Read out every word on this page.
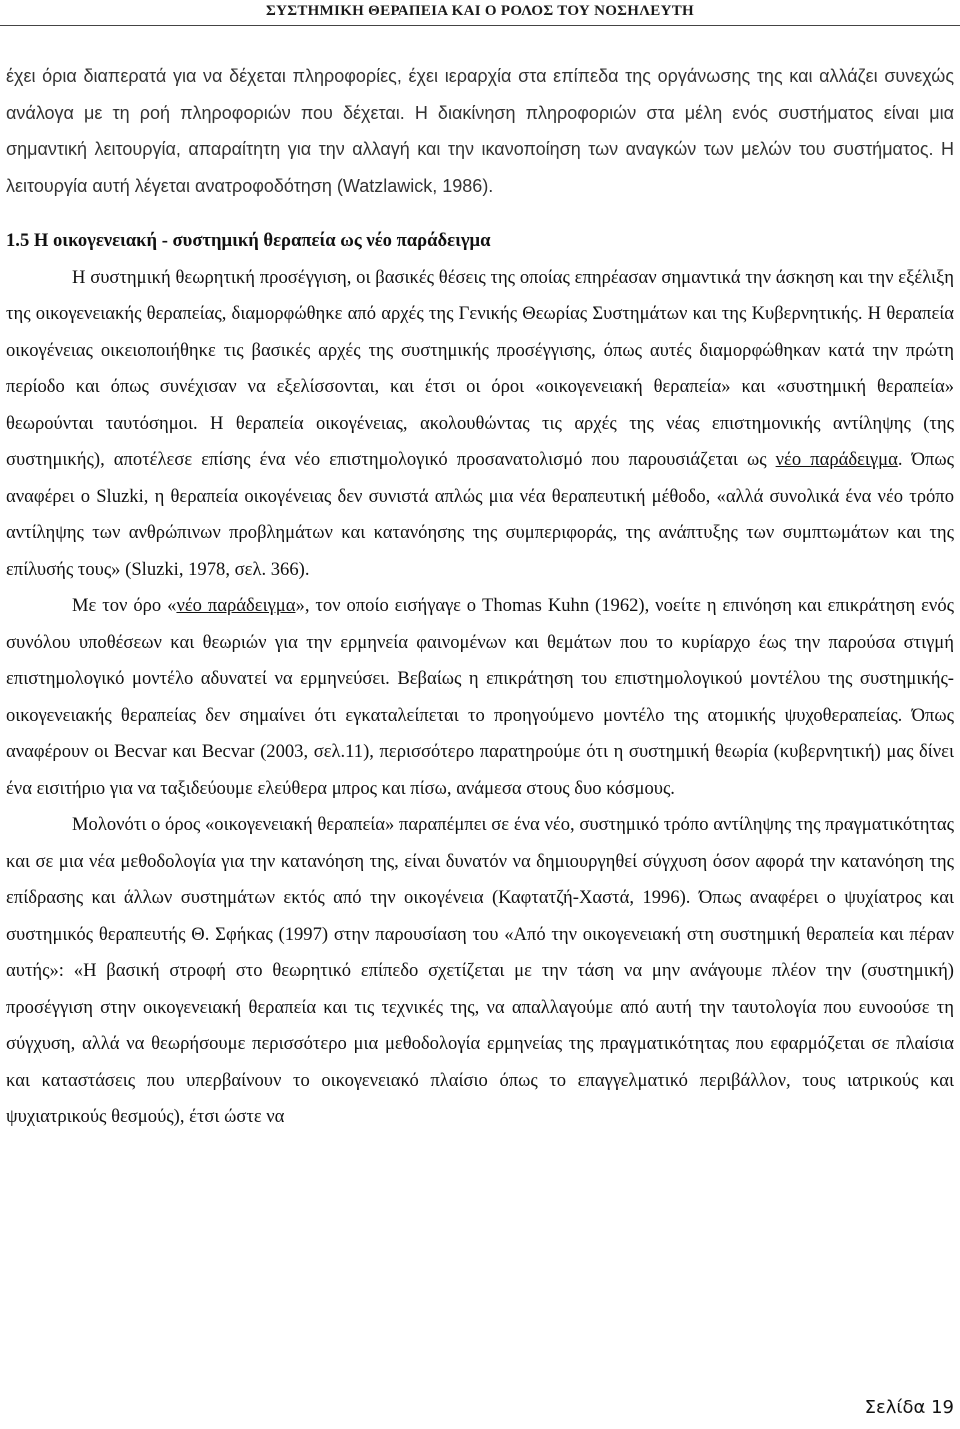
ΣΥΣΤΗΜΙΚΗ ΘΕΡΑΠΕΙΑ ΚΑΙ Ο ΡΟΛΟΣ ΤΟΥ ΝΟΣΗΛΕΥΤΗ

έχει όρια διαπερατά για να δέχεται πληροφορίες, έχει ιεραρχία στα επίπεδα της οργάνωσης της και αλλάζει συνεχώς ανάλογα με τη ροή πληροφοριών που δέχεται. Η διακίνηση πληροφοριών στα μέλη ενός συστήματος είναι μια σημαντική λειτουργία, απαραίτητη για την αλλαγή και την ικανοποίηση των αναγκών των μελών του συστήματος. Η λειτουργία αυτή λέγεται ανατροφοδότηση (Watzlawick, 1986).

1.5 Η οικογενειακή - συστημική θεραπεία ως νέο παράδειγμα

Η συστημική θεωρητική προσέγγιση, οι βασικές θέσεις της οποίας επηρέασαν σημαντικά την άσκηση και την εξέλιξη της οικογενειακής θεραπείας, διαμορφώθηκε από αρχές της Γενικής Θεωρίας Συστημάτων και της Κυβερνητικής. Η θεραπεία οικογένειας οικειοποιήθηκε τις βασικές αρχές της συστημικής προσέγγισης, όπως αυτές διαμορφώθηκαν κατά την πρώτη περίοδο και όπως συνέχισαν να εξελίσσονται, και έτσι οι όροι «οικογενειακή θεραπεία» και «συστημική θεραπεία» θεωρούνται ταυτόσημοι. Η θεραπεία οικογένειας, ακολουθώντας τις αρχές της νέας επιστημονικής αντίληψης (της συστημικής), αποτέλεσε επίσης ένα νέο επιστημολογικό προσανατολισμό που παρουσιάζεται ως νέο παράδειγμα. Όπως αναφέρει ο Sluzki, η θεραπεία οικογένειας δεν συνιστά απλώς μια νέα θεραπευτική μέθοδο, «αλλά συνολικά ένα νέο τρόπο αντίληψης των ανθρώπινων προβλημάτων και κατανόησης της συμπεριφοράς, της ανάπτυξης των συμπτωμάτων και της επίλυσής τους» (Sluzki, 1978, σελ. 366).

Με τον όρο «νέο παράδειγμα», τον οποίο εισήγαγε ο Thomas Kuhn (1962), νοείτε η επινόηση και επικράτηση ενός συνόλου υποθέσεων και θεωριών για την ερμηνεία φαινομένων και θεμάτων που το κυρίαρχο έως την παρούσα στιγμή επιστημολογικό μοντέλο αδυνατεί να ερμηνεύσει. Βεβαίως η επικράτηση του επιστημολογικού μοντέλου της συστημικής-οικογενειακής θεραπείας δεν σημαίνει ότι εγκαταλείπεται το προηγούμενο μοντέλο της ατομικής ψυχοθεραπείας. Όπως αναφέρουν οι Becvar και Becvar (2003, σελ.11), περισσότερο παρατηρούμε ότι η συστημική θεωρία (κυβερνητική) μας δίνει ένα εισιτήριο για να ταξιδεύουμε ελεύθερα μπρος και πίσω, ανάμεσα στους δυο κόσμους.

Μολονότι ο όρος «οικογενειακή θεραπεία» παραπέμπει σε ένα νέο, συστημικό τρόπο αντίληψης της πραγματικότητας και σε μια νέα μεθοδολογία για την κατανόηση της, είναι δυνατόν να δημιουργηθεί σύγχυση όσον αφορά την κατανόηση της επίδρασης και άλλων συστημάτων εκτός από την οικογένεια (Καφτατζή-Χαστά, 1996). Όπως αναφέρει ο ψυχίατρος και συστημικός θεραπευτής Θ. Σφήκας (1997) στην παρουσίαση του «Από την οικογενειακή στη συστημική θεραπεία και πέραν αυτής»: «Η βασική στροφή στο θεωρητικό επίπεδο σχετίζεται με την τάση να μην ανάγουμε πλέον την (συστημική) προσέγγιση στην οικογενειακή θεραπεία και τις τεχνικές της, να απαλλαγούμε από αυτή την ταυτολογία που ευνοούσε τη σύγχυση, αλλά να θεωρήσουμε περισσότερο μια μεθοδολογία ερμηνείας της πραγματικότητας που εφαρμόζεται σε πλαίσια και καταστάσεις που υπερβαίνουν το οικογενειακό πλαίσιο όπως το επαγγελματικό περιβάλλον, τους ιατρικούς και ψυχιατρικούς θεσμούς), έτσι ώστε να

Σελίδα 19
